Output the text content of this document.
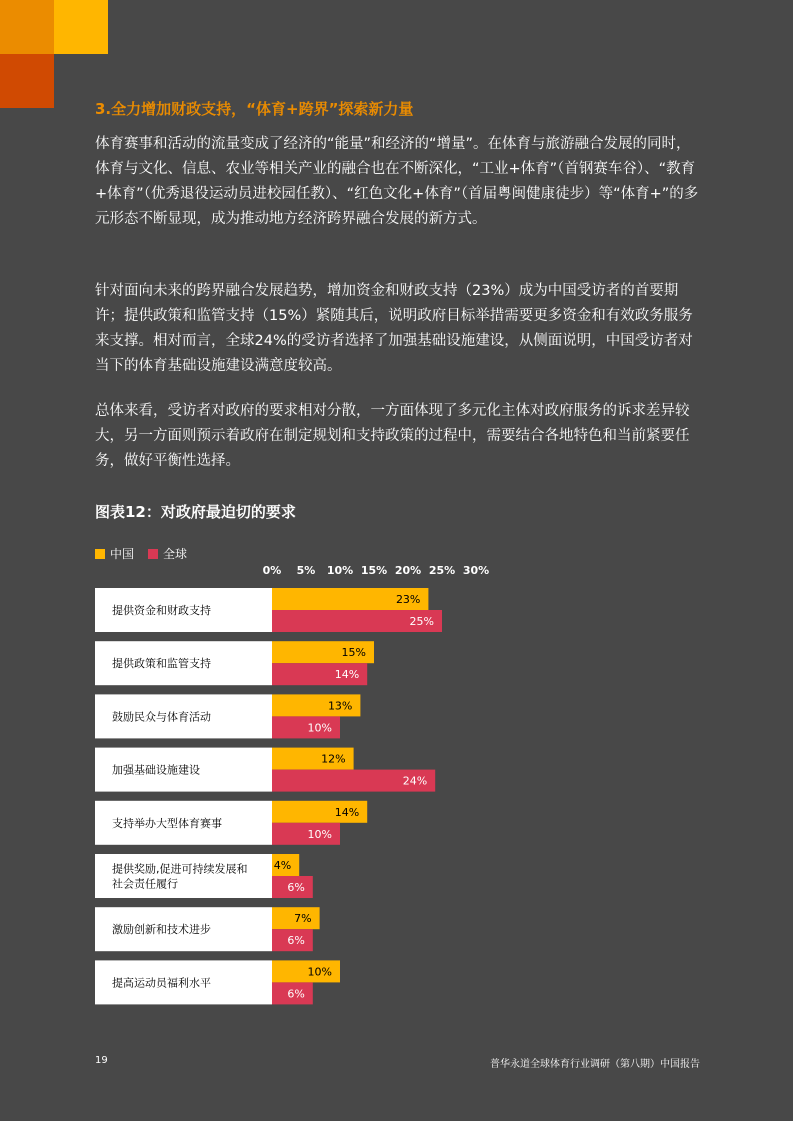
3.全力增加财政支持，“体育+跨界”探索新力量

体育赛事和活动的流量变成了经济的“能量”和经济的“增量”。在体育与旅游融合发展的同时，体育与文化、信息、农业等相关产业的融合也在不断深化，“工业+体育”（首钢赛车谷）、“教育+体育”（优秀退役运动员进校园任教）、“红色文化+体育”（首届粤闽健康徒步）等“体育+”的多元形态不断显现，成为推动地方经济跨界融合发展的新方式。

针对面向未来的跨界融合发展趋势，增加资金和财政支持（23%）成为中国受访者的首要期许；提供政策和监管支持（15%）紧随其后，说明政府目标举措需要更多资金和有效政务服务来支撑。相对而言，全球24%的受访者选择了加强基础设施建设，从侧面说明，中国受访者对当下的体育基础设施建设满意度较高。

总体来看，受访者对政府的要求相对分散，一方面体现了多元化主体对政府服务的诉求差异较大，另一方面则预示着政府在制定规划和支持政策的过程中，需要结合各地特色和当前紧要任务，做好平衡性选择。

图表12：对政府最迫切的要求
中国 全球
0% 5% 10% 15% 20% 25% 30%
提供资金和财政支持
23%
25%
提供政策和监管支持
15%
14%
鼓励民众与体育活动
13%
10%
加强基础设施建设
12%
24%
支持举办大型体育赛事
14%
10%
提供奖励,促进可持续发展和
社会责任履行
4%
6%
激励创新和技术进步
7%
6%
提高运动员福利水平
10%
6%
19	普华永道全球体育行业调研（第八期）中国报告
